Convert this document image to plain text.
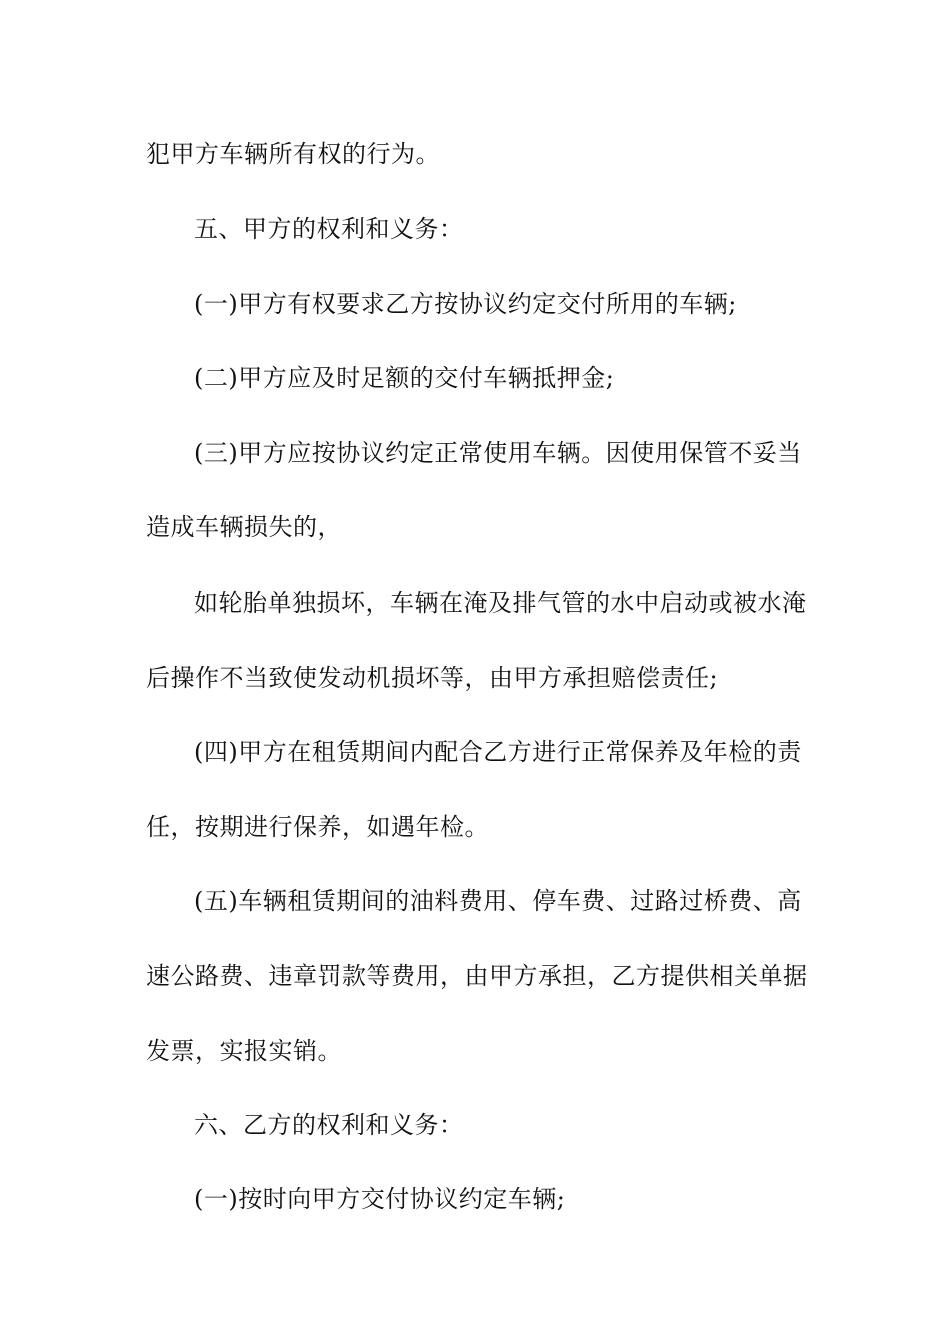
犯甲方车辆所有权的行为。
五、甲方的权利和义务：
(一)甲方有权要求乙方按协议约定交付所用的车辆;
(二)甲方应及时足额的交付车辆抵押金;
(三)甲方应按协议约定正常使用车辆。因使用保管不妥当
造成车辆损失的，
如轮胎单独损坏，车辆在淹及排气管的水中启动或被水淹
后操作不当致使发动机损坏等，由甲方承担赔偿责任;
(四)甲方在租赁期间内配合乙方进行正常保养及年检的责
任，按期进行保养，如遇年检。
(五)车辆租赁期间的油料费用、停车费、过路过桥费、高
速公路费、违章罚款等费用，由甲方承担，乙方提供相关单据
发票，实报实销。
六、乙方的权利和义务：
(一)按时向甲方交付协议约定车辆;
